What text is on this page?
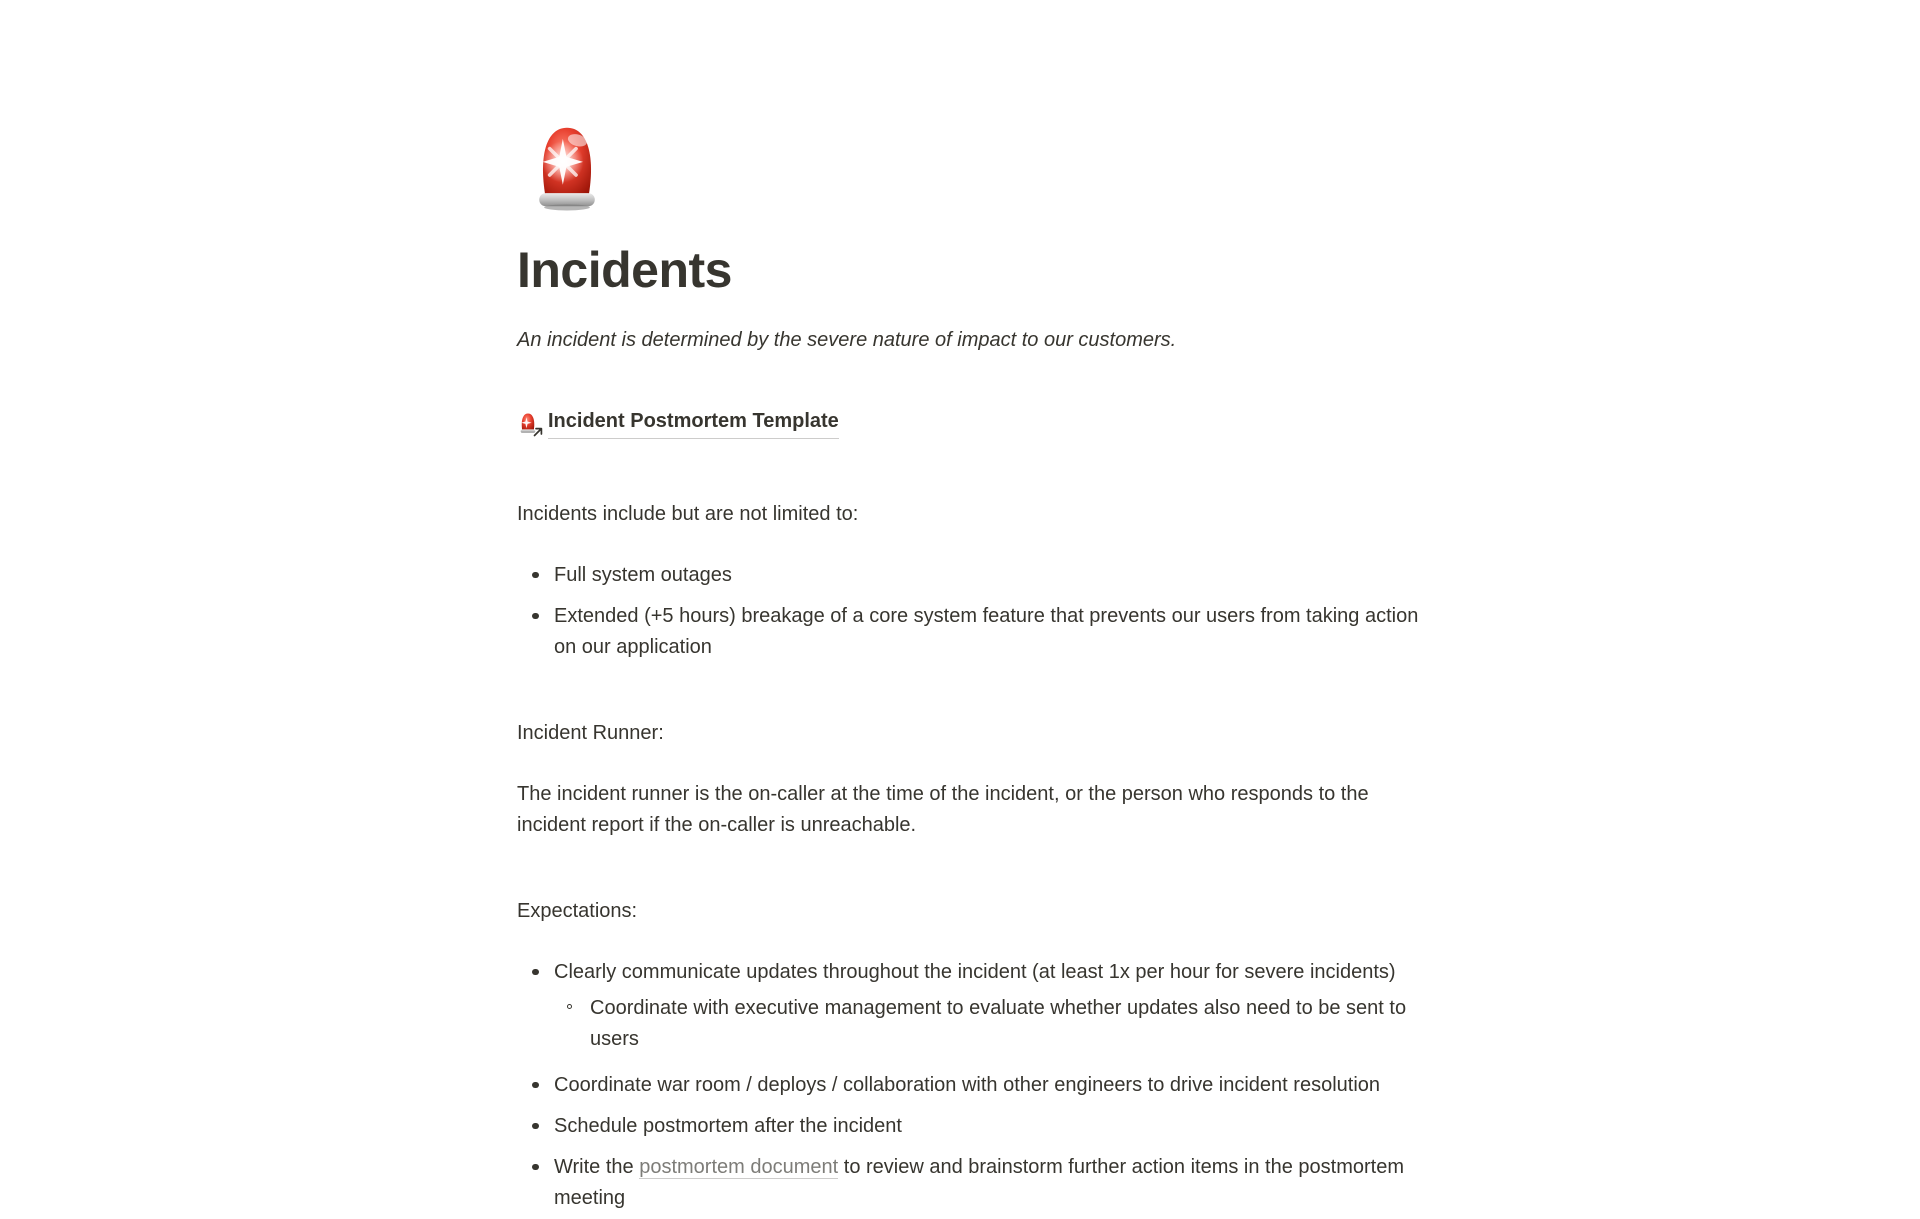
Incidents

An incident is determined by the severe nature of impact to our customers.

Incident Postmortem Template

Incidents include but are not limited to:

Full system outages
Extended (+5 hours) breakage of a core system feature that prevents our users from taking action on our application

Incident Runner:

The incident runner is the on-caller at the time of the incident, or the person who responds to the incident report if the on-caller is unreachable.

Expectations:

Clearly communicate updates throughout the incident (at least 1x per hour for severe incidents)
Coordinate with executive management to evaluate whether updates also need to be sent to users
Coordinate war room / deploys / collaboration with other engineers to drive incident resolution
Schedule postmortem after the incident
Write the postmortem document to review and brainstorm further action items in the postmortem meeting
